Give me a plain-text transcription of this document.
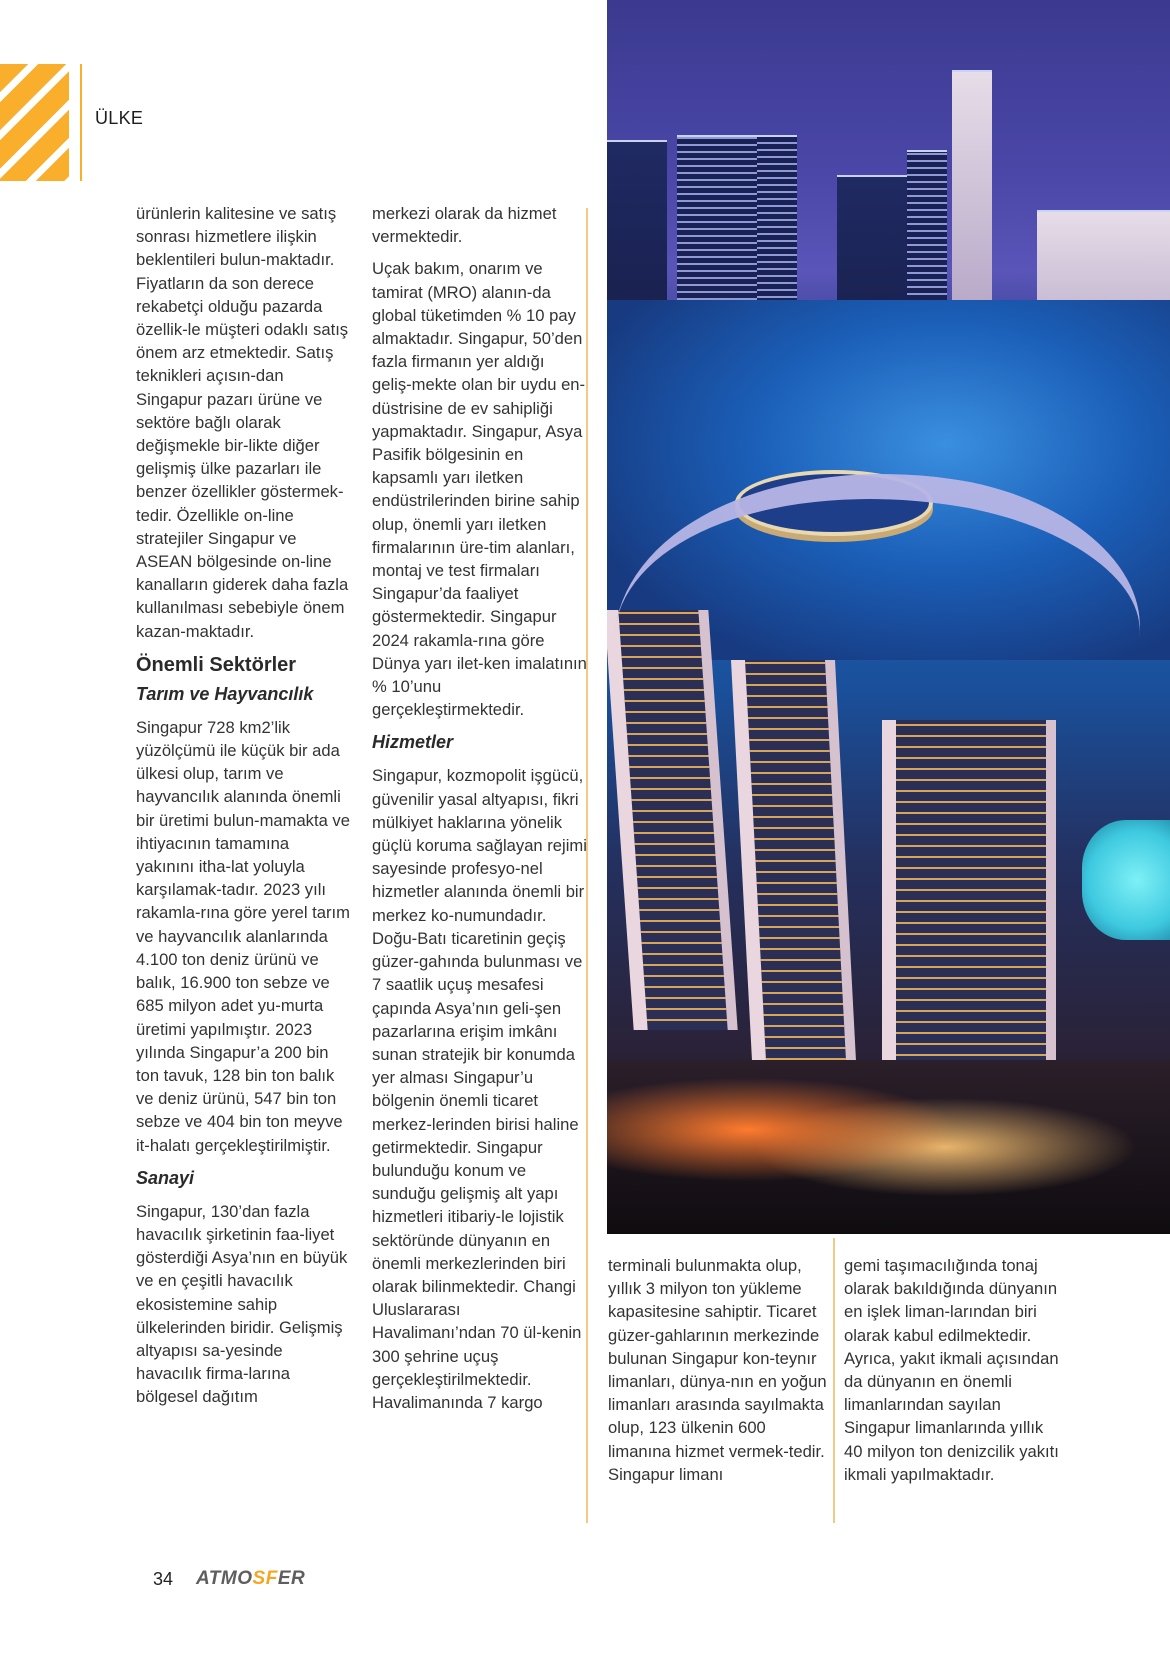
ÜLKE

ürünlerin kalitesine ve satış sonrası hizmetlere ilişkin beklentileri bulun-maktadır. Fiyatların da son derece rekabetçi olduğu pazarda özellik-le müşteri odaklı satış önem arz etmektedir. Satış teknikleri açısın-dan Singapur pazarı ürüne ve sektöre bağlı olarak değişmekle bir-likte diğer gelişmiş ülke pazarları ile benzer özellikler göstermek-tedir. Özellikle on-line stratejiler Singapur ve ASEAN bölgesinde on-line kanalların giderek daha fazla kullanılması sebebiyle önem kazan-maktadır.

Önemli Sektörler
Tarım ve Hayvancılık

Singapur 728 km2’lik yüzölçümü ile küçük bir ada ülkesi olup, tarım ve hayvancılık alanında önemli bir üretimi bulun-mamakta ve ihtiyacının tamamına yakınını itha-lat yoluyla karşılamak-tadır. 2023 yılı rakamla-rına göre yerel tarım ve hayvancılık alanlarında 4.100 ton deniz ürünü ve balık, 16.900 ton sebze ve 685 milyon adet yu-murta üretimi yapılmıştır. 2023 yılında Singapur’a 200 bin ton tavuk, 128 bin ton balık ve deniz ürünü, 547 bin ton sebze ve 404 bin ton meyve it-halatı gerçekleştirilmiştir.

Sanayi

Singapur, 130’dan fazla havacılık şirketinin faa-liyet gösterdiği Asya’nın en büyük ve en çeşitli havacılık ekosistemine sahip ülkelerinden biridir. Gelişmiş altyapısı sa-yesinde havacılık firma-larına bölgesel dağıtım

merkezi olarak da hizmet vermektedir.

Uçak bakım, onarım ve tamirat (MRO) alanın-da global tüketimden % 10 pay almaktadır. Singapur, 50’den fazla firmanın yer aldığı geliş-mekte olan bir uydu en-düstrisine de ev sahipliği yapmaktadır. Singapur, Asya Pasifik bölgesinin en kapsamlı yarı iletken endüstrilerinden birine sahip olup, önemli yarı iletken firmalarının üre-tim alanları, montaj ve test firmaları Singapur’da faaliyet göstermektedir. Singapur 2024 rakamla-rına göre Dünya yarı ilet-ken imalatının % 10’unu gerçekleştirmektedir.

Hizmetler

Singapur, kozmopolit işgücü, güvenilir yasal altyapısı, fikri mülkiyet haklarına yönelik güçlü koruma sağlayan rejimi sayesinde profesyo-nel hizmetler alanında önemli bir merkez ko-numundadır. Doğu-Batı ticaretinin geçiş güzer-gahında bulunması ve 7 saatlik uçuş mesafesi çapında Asya’nın geli-şen pazarlarına erişim imkânı sunan stratejik bir konumda yer alması Singapur’u bölgenin önemli ticaret merkez-lerinden birisi haline getirmektedir. Singapur bulunduğu konum ve sunduğu gelişmiş alt yapı hizmetleri itibariy-le lojistik sektöründe dünyanın en önemli merkezlerinden biri olarak bilinmektedir. Changi Uluslararası Havalimanı’ndan 70 ül-kenin 300 şehrine uçuş gerçekleştirilmektedir. Havalimanında 7 kargo

terminali bulunmakta olup, yıllık 3 milyon ton yükleme kapasitesine sahiptir. Ticaret güzer-gahlarının merkezinde bulunan Singapur kon-teynır limanları, dünya-nın en yoğun limanları arasında sayılmakta olup, 123 ülkenin 600 limanına hizmet vermek-tedir. Singapur limanı

gemi taşımacılığında tonaj olarak bakıldığında dünyanın en işlek liman-larından biri olarak kabul edilmektedir. Ayrıca, yakıt ikmali açısından da dünyanın en önemli limanlarından sayılan Singapur limanlarında yıllık 40 milyon ton denizcilik yakıtı ikmali yapılmaktadır.

34 ATMOSFER
